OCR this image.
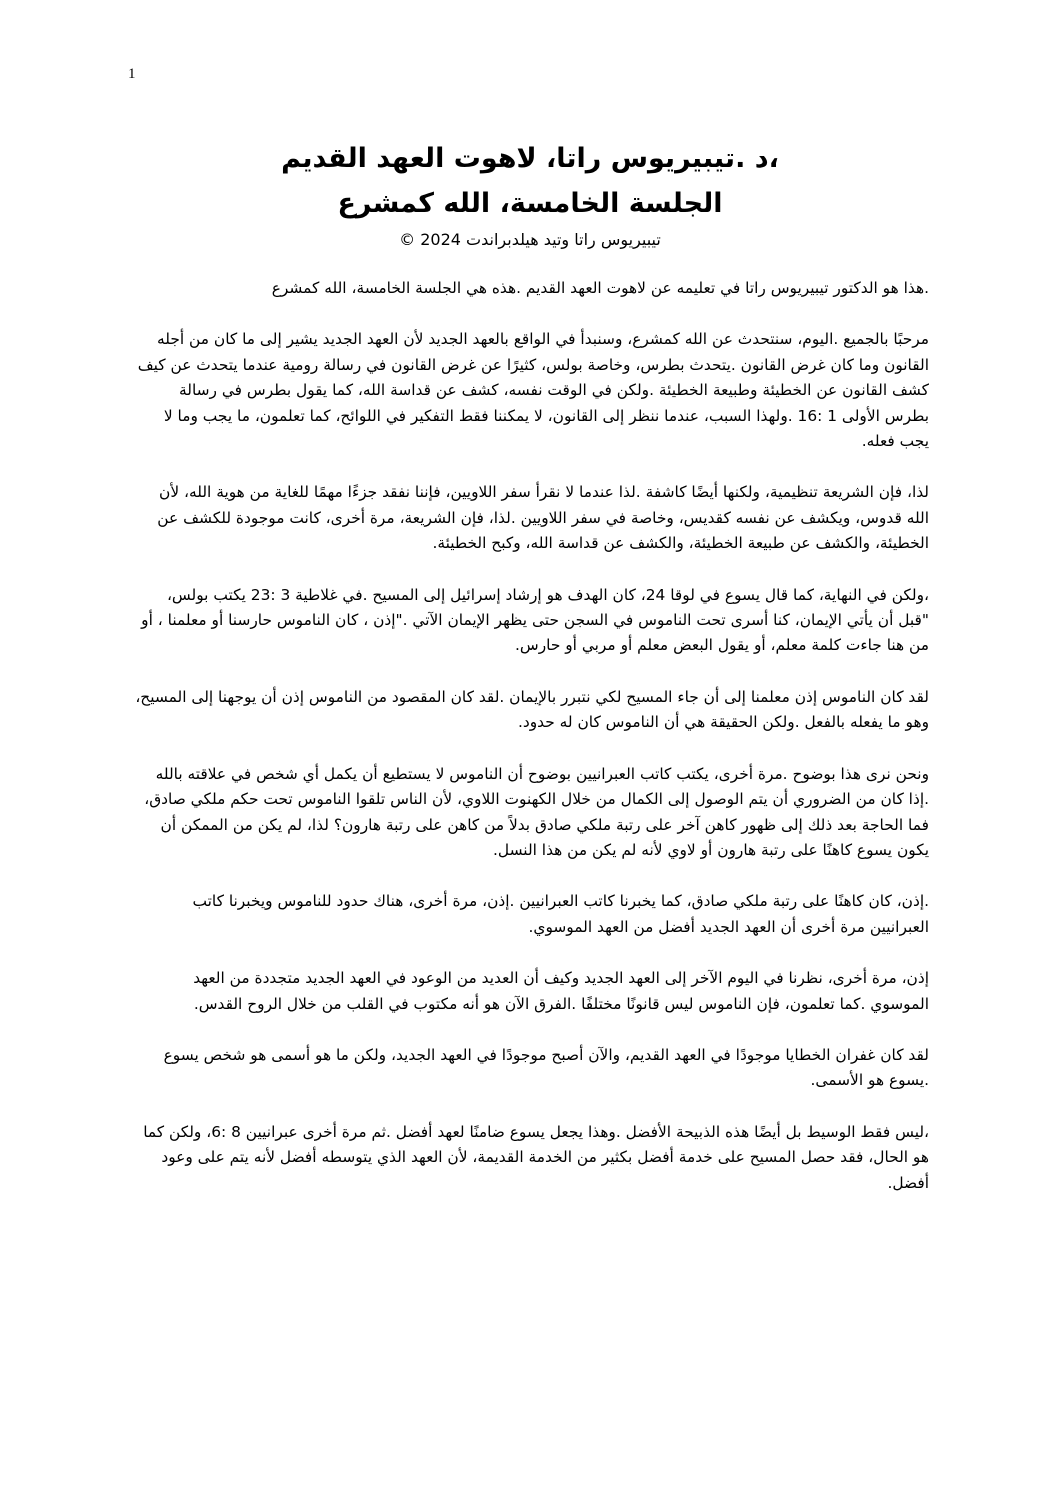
1
،د .تيبيريوس راتا، لاهوت العهد القديم
الجلسة الخامسة، الله كمشرع
تيبيريوس راتا وتيد هيلدبراندت 2024 ©

.هذا هو الدكتور تيبيريوس راتا في تعليمه عن لاهوت العهد القديم .هذه هي الجلسة الخامسة، الله كمشرع

مرحبًا بالجميع .اليوم، سنتحدث عن الله كمشرع، وسنبدأ في الواقع بالعهد الجديد لأن العهد الجديد يشير إلى ما كان من أجله القانون وما كان غرض القانون .يتحدث بطرس، وخاصة بولس، كثيرًا عن غرض القانون في رسالة رومية عندما يتحدث عن كيف كشف القانون عن الخطيئة وطبيعة الخطيئة .ولكن في الوقت نفسه، كشف عن قداسة الله، كما يقول بطرس في رسالة بطرس الأولى 1 :16 .ولهذا السبب، عندما ننظر إلى القانون، لا يمكننا فقط التفكير في اللوائح، كما تعلمون، ما يجب وما لا يجب فعله.

لذا، فإن الشريعة تنظيمية، ولكنها أيضًا كاشفة .لذا عندما لا نقرأ سفر اللاويين، فإننا نفقد جزءًا مهمًا للغاية من هوية الله، لأن الله قدوس، ويكشف عن نفسه كقديس، وخاصة في سفر اللاويين .لذا، فإن الشريعة، مرة أخرى، كانت موجودة للكشف عن الخطيئة، والكشف عن طبيعة الخطيئة، والكشف عن قداسة الله، وكبح الخطيئة.

،ولكن في النهاية، كما قال يسوع في لوقا 24، كان الهدف هو إرشاد إسرائيل إلى المسيح .في غلاطية 3 :23 يكتب بولس، "قبل أن يأتي الإيمان، كنا أسرى تحت الناموس في السجن حتى يظهر الإيمان الآتي ."إذن ، كان الناموس حارسنا أو معلمنا ، أو من هنا جاءت كلمة معلم، أو يقول البعض معلم أو مربي أو حارس.

لقد كان الناموس إذن معلمنا إلى أن جاء المسيح لكي نتبرر بالإيمان .لقد كان المقصود من الناموس إذن أن يوجهنا إلى المسيح، وهو ما يفعله بالفعل .ولكن الحقيقة هي أن الناموس كان له حدود.

ونحن نرى هذا بوضوح .مرة أخرى، يكتب كاتب العبرانيين بوضوح أن الناموس لا يستطيع أن يكمل أي شخص في علاقته بالله .إذا كان من الضروري أن يتم الوصول إلى الكمال من خلال الكهنوت اللاوي، لأن الناس تلقوا الناموس تحت حكم ملكي صادق، فما الحاجة بعد ذلك إلى ظهور كاهن آخر على رتبة ملكي صادق بدلاً من كاهن على رتبة هارون؟ لذا، لم يكن من الممكن أن يكون يسوع كاهنًا على رتبة هارون أو لاوي لأنه لم يكن من هذا النسل.

.إذن، كان كاهنًا على رتبة ملكي صادق، كما يخبرنا كاتب العبرانيين .إذن، مرة أخرى، هناك حدود للناموس ويخبرنا كاتب العبرانيين مرة أخرى أن العهد الجديد أفضل من العهد الموسوي.

إذن، مرة أخرى، نظرنا في اليوم الآخر إلى العهد الجديد وكيف أن العديد من الوعود في العهد الجديد متجددة من العهد الموسوي .كما تعلمون، فإن الناموس ليس قانونًا مختلفًا .الفرق الآن هو أنه مكتوب في القلب من خلال الروح القدس.

لقد كان غفران الخطايا موجودًا في العهد القديم، والآن أصبح موجودًا في العهد الجديد، ولكن ما هو أسمى هو شخص يسوع .يسوع هو الأسمى.

،ليس فقط الوسيط بل أيضًا هذه الذبيحة الأفضل .وهذا يجعل يسوع ضامنًا لعهد أفضل .ثم مرة أخرى عبرانيين 8 :6، ولكن كما هو الحال، فقد حصل المسيح على خدمة أفضل بكثير من الخدمة القديمة، لأن العهد الذي يتوسطه أفضل لأنه يتم على وعود أفضل.
